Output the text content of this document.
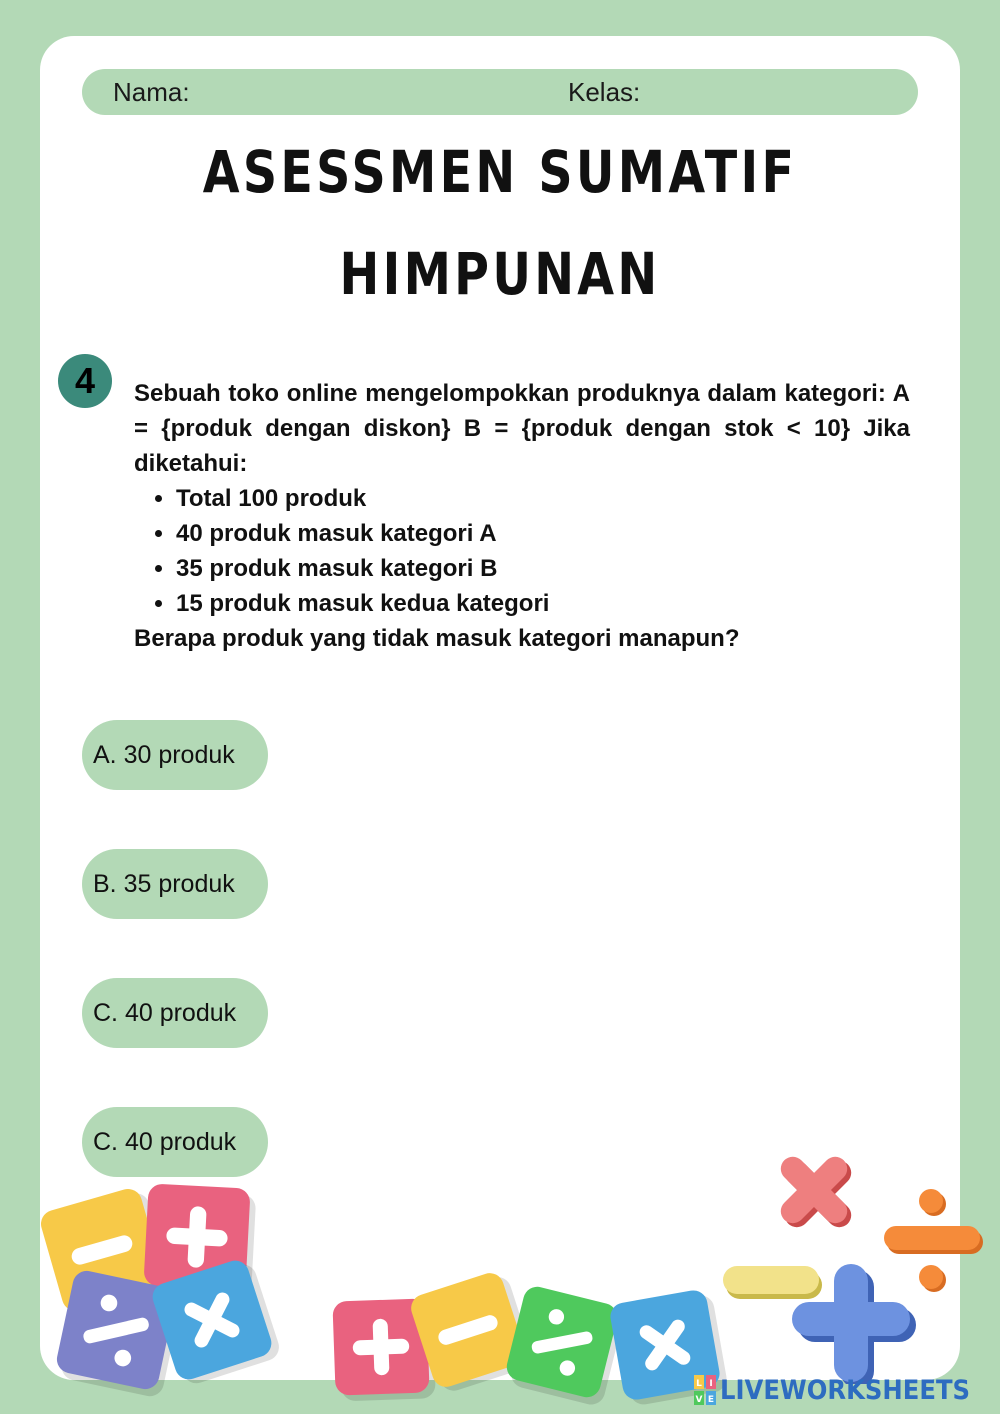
Nama:	Kelas:
ASESSMEN SUMATIF
HIMPUNAN
4	Sebuah toko online mengelompokkan produknya dalam kategori: A = {produk dengan diskon} B = {produk dengan stok < 10} Jika diketahui:
• Total 100 produk
• 40 produk masuk kategori A
• 35 produk masuk kategori B
• 15 produk masuk kedua kategori
Berapa produk yang tidak masuk kategori manapun?
A. 30 produk
B. 35 produk
C. 40 produk
C. 40 produk
L I
V E LIVEWORKSHEETS
